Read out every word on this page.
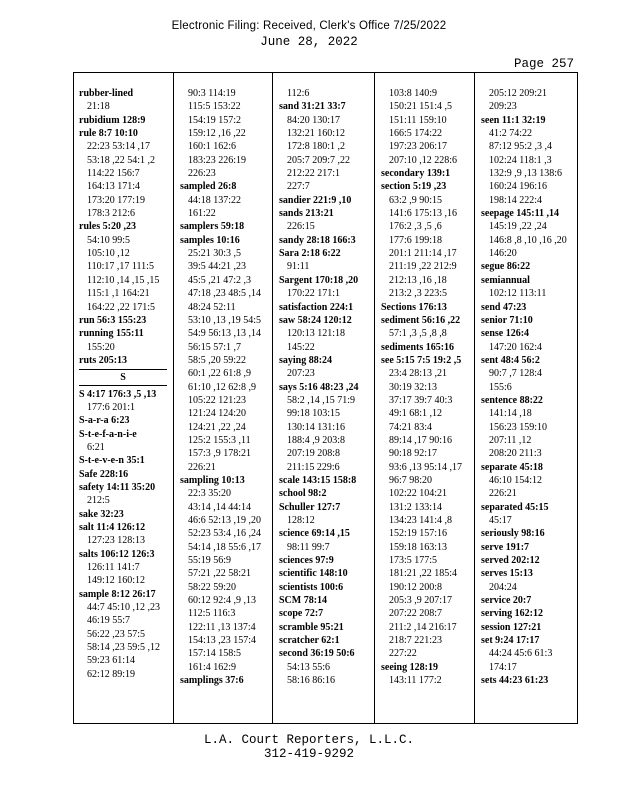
Electronic Filing: Received, Clerk's Office 7/25/2022
June 28, 2022
Page 257
rubber-lined
21:18
rubidium 128:9
rule 8:7 10:10
22:23 53:14 ,17
53:18 ,22 54:1 ,2
114:22 156:7
164:13 171:4
173:20 177:19
178:3 212:6
rules 5:20 ,23
54:10 99:5
105:10 ,12
110:17 ,17 111:5
112:10 ,14 ,15 ,15
115:1 ,1 164:21
164:22 ,22 171:5
run 56:3 155:23
running 155:11
155:20
ruts 205:13
S
S 4:17 176:3 ,5 ,13
177:6 201:1
S-a-r-a 6:23
S-t-e-f-a-n-i-e
6:21
S-t-e-v-e-n 35:1
Safe 228:16
safety 14:11 35:20
212:5
sake 32:23
salt 11:4 126:12
127:23 128:13
salts 106:12 126:3
126:11 141:7
149:12 160:12
sample 8:12 26:17
44:7 45:10 ,12 ,23
46:19 55:7
56:22 ,23 57:5
58:14 ,23 59:5 ,12
59:23 61:14
62:12 89:19
90:3 114:19
115:5 153:22
154:19 157:2
159:12 ,16 ,22
160:1 162:6
183:23 226:19
226:23
sampled 26:8
44:18 137:22
161:22
samplers 59:18
samples 10:16
25:21 30:3 ,5
39:5 44:21 ,23
45:5 ,21 47:2 ,3
47:18 ,23 48:5 ,14
48:24 52:11
53:10 ,13 ,19 54:5
54:9 56:13 ,13 ,14
56:15 57:1 ,7
58:5 ,20 59:22
60:1 ,22 61:8 ,9
61:10 ,12 62:8 ,9
105:22 121:23
121:24 124:20
124:21 ,22 ,24
125:2 155:3 ,11
157:3 ,9 178:21
226:21
sampling 10:13
22:3 35:20
43:14 ,14 44:14
46:6 52:13 ,19 ,20
52:23 53:4 ,16 ,24
54:14 ,18 55:6 ,17
55:19 56:9
57:21 ,22 58:21
58:22 59:20
60:12 92:4 ,9 ,13
112:5 116:3
122:11 ,13 137:4
154:13 ,23 157:4
157:14 158:5
161:4 162:9
samplings 37:6
112:6
sand 31:21 33:7
84:20 130:17
132:21 160:12
172:8 180:1 ,2
205:7 209:7 ,22
212:22 217:1
227:7
sandier 221:9 ,10
sands 213:21
226:15
sandy 28:18 166:3
Sara 2:18 6:22
91:11
Sargent 170:18 ,20
170:22 171:1
satisfaction 224:1
saw 58:24 120:12
120:13 121:18
145:22
saying 88:24
207:23
says 5:16 48:23 ,24
58:2 ,14 ,15 71:9
99:18 103:15
130:14 131:16
188:4 ,9 203:8
207:19 208:8
211:15 229:6
scale 143:15 158:8
school 98:2
Schuller 127:7
128:12
science 69:14 ,15
98:11 99:7
sciences 97:9
scientific 148:10
scientists 100:6
SCM 78:14
scope 72:7
scramble 95:21
scratcher 62:1
second 36:19 50:6
54:13 55:6
58:16 86:16
103:8 140:9
150:21 151:4 ,5
151:11 159:10
166:5 174:22
197:23 206:17
207:10 ,12 228:6
secondary 139:1
section 5:19 ,23
63:2 ,9 90:15
141:6 175:13 ,16
176:2 ,3 ,5 ,6
177:6 199:18
201:1 211:14 ,17
211:19 ,22 212:9
212:13 ,16 ,18
213:2 ,3 223:5
Sections 176:13
sediment 56:16 ,22
57:1 ,3 ,5 ,8 ,8
sediments 165:16
see 5:15 7:5 19:2 ,5
23:4 28:13 ,21
30:19 32:13
37:17 39:7 40:3
49:1 68:1 ,12
74:21 83:4
89:14 ,17 90:16
90:18 92:17
93:6 ,13 95:14 ,17
96:7 98:20
102:22 104:21
131:2 133:14
134:23 141:4 ,8
152:19 157:16
159:18 163:13
173:5 177:5
181:21 ,22 185:4
190:12 200:8
205:3 ,9 207:17
207:22 208:7
211:2 ,14 216:17
218:7 221:23
227:22
seeing 128:19
143:11 177:2
205:12 209:21
209:23
seen 11:1 32:19
41:2 74:22
87:12 95:2 ,3 ,4
102:24 118:1 ,3
132:9 ,9 ,13 138:6
160:24 196:16
198:14 222:4
seepage 145:11 ,14
145:19 ,22 ,24
146:8 ,8 ,10 ,16 ,20
146:20
segue 86:22
semiannual
102:12 113:11
send 47:23
senior 71:10
sense 126:4
147:20 162:4
sent 48:4 56:2
90:7 ,7 128:4
155:6
sentence 88:22
141:14 ,18
156:23 159:10
207:11 ,12
208:20 211:3
separate 45:18
46:10 154:12
226:21
separated 45:15
45:17
seriously 98:16
serve 191:7
served 202:12
serves 15:13
204:24
service 20:7
serving 162:12
session 127:21
set 9:24 17:17
44:24 45:6 61:3
174:17
sets 44:23 61:23
L.A. Court Reporters, L.L.C.
312-419-9292
